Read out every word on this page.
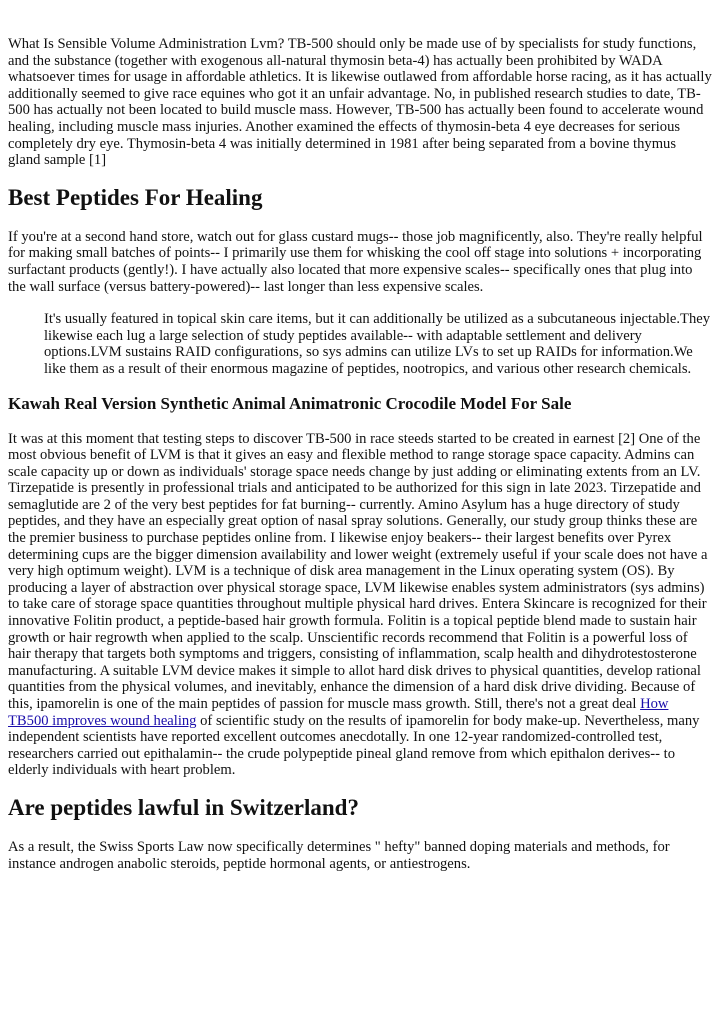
What Is Sensible Volume Administration Lvm? TB-500 should only be made use of by specialists for study functions, and the substance (together with exogenous all-natural thymosin beta-4) has actually been prohibited by WADA whatsoever times for usage in affordable athletics. It is likewise outlawed from affordable horse racing, as it has actually additionally seemed to give race equines who got it an unfair advantage. No, in published research studies to date, TB-500 has actually not been located to build muscle mass. However, TB-500 has actually been found to accelerate wound healing, including muscle mass injuries. Another examined the effects of thymosin-beta 4 eye decreases for serious completely dry eye. Thymosin-beta 4 was initially determined in 1981 after being separated from a bovine thymus gland sample [1]

Best Peptides For Healing

If you're at a second hand store, watch out for glass custard mugs-- those job magnificently, also. They're really helpful for making small batches of points-- I primarily use them for whisking the cool off stage into solutions + incorporating surfactant products (gently!). I have actually also located that more expensive scales-- specifically ones that plug into the wall surface (versus battery-powered)-- last longer than less expensive scales.

It's usually featured in topical skin care items, but it can additionally be utilized as a subcutaneous injectable.They likewise each lug a large selection of study peptides available-- with adaptable settlement and delivery options.LVM sustains RAID configurations, so sys admins can utilize LVs to set up RAIDs for information.We like them as a result of their enormous magazine of peptides, nootropics, and various other research chemicals.
Kawah Real Version Synthetic Animal Animatronic Crocodile Model For Sale

It was at this moment that testing steps to discover TB-500 in race steeds started to be created in earnest [2] One of the most obvious benefit of LVM is that it gives an easy and flexible method to range storage space capacity. Admins can scale capacity up or down as individuals' storage space needs change by just adding or eliminating extents from an LV. Tirzepatide is presently in professional trials and anticipated to be authorized for this sign in late 2023. Tirzepatide and semaglutide are 2 of the very best peptides for fat burning-- currently. Amino Asylum has a huge directory of study peptides, and they have an especially great option of nasal spray solutions. Generally, our study group thinks these are the premier business to purchase peptides online from. I likewise enjoy beakers-- their largest benefits over Pyrex determining cups are the bigger dimension availability and lower weight (extremely useful if your scale does not have a very high optimum weight). LVM is a technique of disk area management in the Linux operating system (OS). By producing a layer of abstraction over physical storage space, LVM likewise enables system administrators (sys admins) to take care of storage space quantities throughout multiple physical hard drives. Entera Skincare is recognized for their innovative Folitin product, a peptide-based hair growth formula. Folitin is a topical peptide blend made to sustain hair growth or hair regrowth when applied to the scalp. Unscientific records recommend that Folitin is a powerful loss of hair therapy that targets both symptoms and triggers, consisting of inflammation, scalp health and dihydrotestosterone manufacturing. A suitable LVM device makes it simple to allot hard disk drives to physical quantities, develop rational quantities from the physical volumes, and inevitably, enhance the dimension of a hard disk drive dividing. Because of this, ipamorelin is one of the main peptides of passion for muscle mass growth. Still, there's not a great deal How TB500 improves wound healing of scientific study on the results of ipamorelin for body make-up. Nevertheless, many independent scientists have reported excellent outcomes anecdotally. In one 12-year randomized-controlled test, researchers carried out epithalamin-- the crude polypeptide pineal gland remove from which epithalon derives-- to elderly individuals with heart problem.

Are peptides lawful in Switzerland?

As a result, the Swiss Sports Law now specifically determines " hefty" banned doping materials and methods, for instance androgen anabolic steroids, peptide hormonal agents, or antiestrogens.
